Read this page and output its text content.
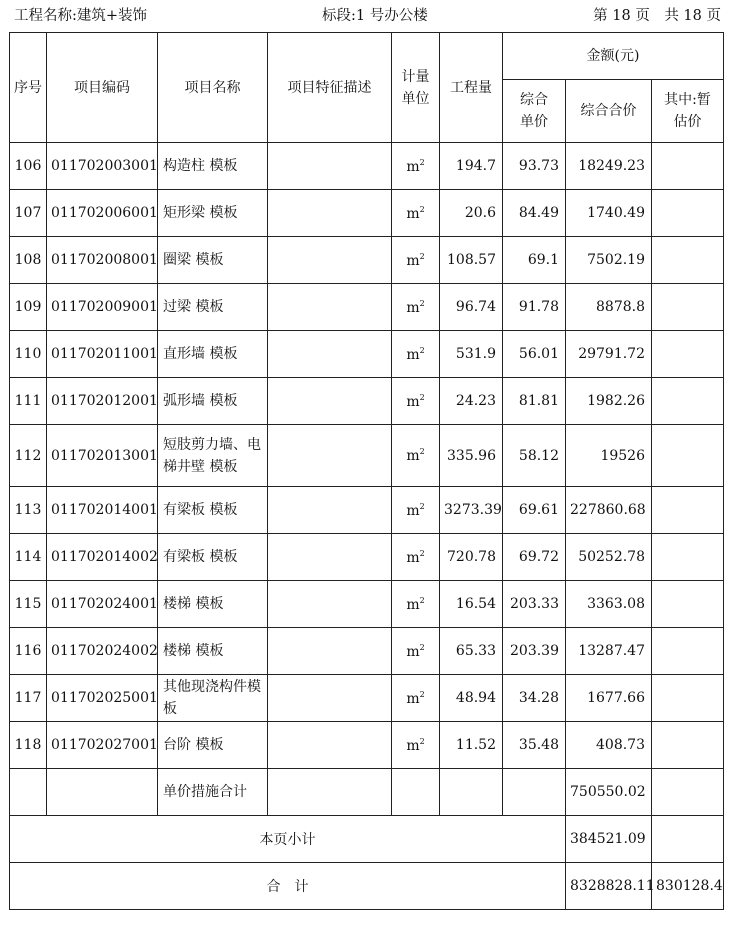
工程名称:建筑+装饰	标段:1 号办公楼	第 18 页　共 18 页
序号	项目编码	项目名称	项目特征描述	计量单位	工程量	金额(元)		
						综合单价	综合合价	其中:暂估价
106	011702003001	构造柱 模板		$m^2$	194.7	93.73	18249.23	
107	011702006001	矩形梁 模板		$m^2$	20.6	84.49	1740.49	
108	011702008001	圈梁 模板		$m^2$	108.57	69.1	7502.19	
109	011702009001	过梁 模板		$m^2$	96.74	91.78	8878.8	
110	011702011001	直形墙 模板		$m^2$	531.9	56.01	29791.72	
111	011702012001	弧形墙 模板		$m^2$	24.23	81.81	1982.26	
112	011702013001	短肢剪力墙、电梯井壁 模板		$m^2$	335.96	58.12	19526	
113	011702014001	有梁板 模板		$m^2$	3273.39	69.61	227860.68	
114	011702014002	有梁板 模板		$m^2$	720.78	69.72	50252.78	
115	011702024001	楼梯 模板		$m^2$	16.54	203.33	3363.08	
116	011702024002	楼梯 模板		$m^2$	65.33	203.39	13287.47	
117	011702025001	其他现浇构件模板		$m^2$	48.94	34.28	1677.66	
118	011702027001	台阶 模板		$m^2$	11.52	35.48	408.73	
		单价措施合计					750550.02	
本页小计							384521.09	
合　计							8328828.11	830128.4
